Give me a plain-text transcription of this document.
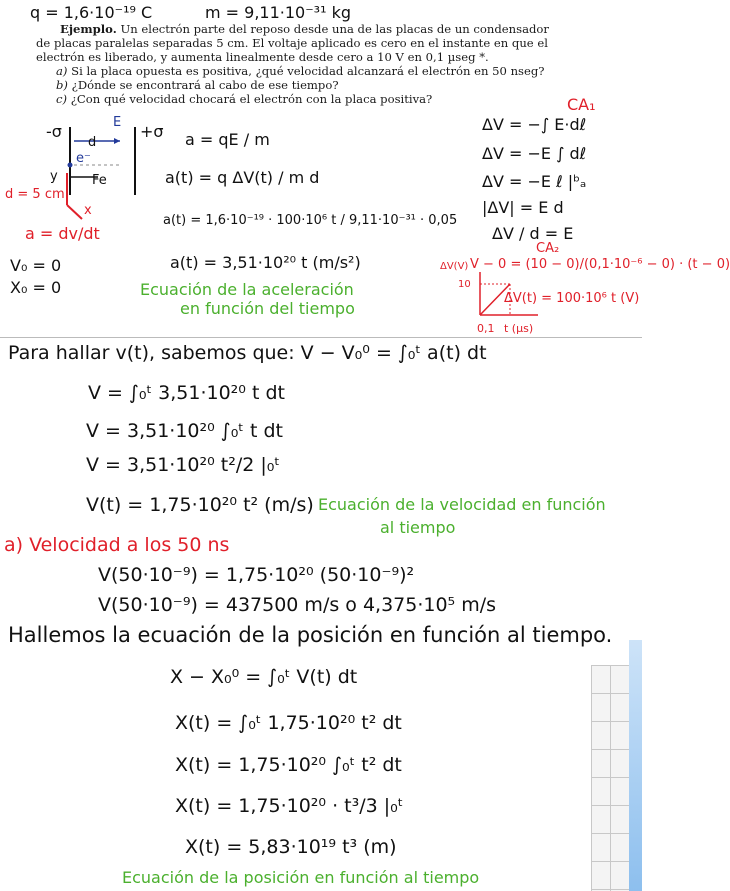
q = 1,6·10⁻¹⁹ C	m = 9,11·10⁻³¹ kg

Ejemplo. Un electrón parte del reposo desde una de las placas de un condensador

de placas paralelas separadas 5 cm. El voltaje aplicado es cero en el instante en que el

electrón es liberado, y aumenta linealmente desde cero a 10 V en 0,1 µseg *.

a) Si la placa opuesta es positiva, ¿qué velocidad alcanzará el electrón en 50 nseg?

b) ¿Dónde se encontrará al cabo de ese tiempo?

c) ¿Con qué velocidad chocará el electrón con la placa positiva?

-σ	+σ
d
E
e⁻
Fe
y
x
d = 5 cm
a = dv/dt
V₀ = 0
X₀ = 0
a = qE / m
a(t) = q ΔV(t) / m d
a(t) = 1,6·10⁻¹⁹ · 100·10⁶ t / 9,11·10⁻³¹ · 0,05
a(t) = 3,51·10²⁰ t (m/s²)
Ecuación de la aceleración
en función del tiempo
CA₁
ΔV = −∫ E·dℓ
ΔV = −E ∫ dℓ
ΔV = −E ℓ |ᵇₐ
|ΔV| = E d
ΔV / d = E
CA₂
V − 0 = (10 − 0)/(0,1·10⁻⁶ − 0) · (t − 0)
ΔV(V)
10
ΔV(t) = 100·10⁶ t (V)
0,1 t (µs)
Para hallar v(t), sabemos que: V − V₀⁰ = ∫₀ᵗ a(t) dt
V = ∫₀ᵗ 3,51·10²⁰ t dt
V = 3,51·10²⁰ ∫₀ᵗ t dt
V = 3,51·10²⁰ t²/2 |₀ᵗ
V(t) = 1,75·10²⁰ t² (m/s) Ecuación de la velocidad en función
al tiempo
a) Velocidad a los 50 ns
V(50·10⁻⁹) = 1,75·10²⁰ (50·10⁻⁹)²
V(50·10⁻⁹) = 437500 m/s o 4,375·10⁵ m/s
Hallemos la ecuación de la posición en función al tiempo.
X − X₀⁰ = ∫₀ᵗ V(t) dt
X(t) = ∫₀ᵗ 1,75·10²⁰ t² dt
X(t) = 1,75·10²⁰ ∫₀ᵗ t² dt
X(t) = 1,75·10²⁰ · t³/3 |₀ᵗ
X(t) = 5,83·10¹⁹ t³ (m)
Ecuación de la posición en función al tiempo
